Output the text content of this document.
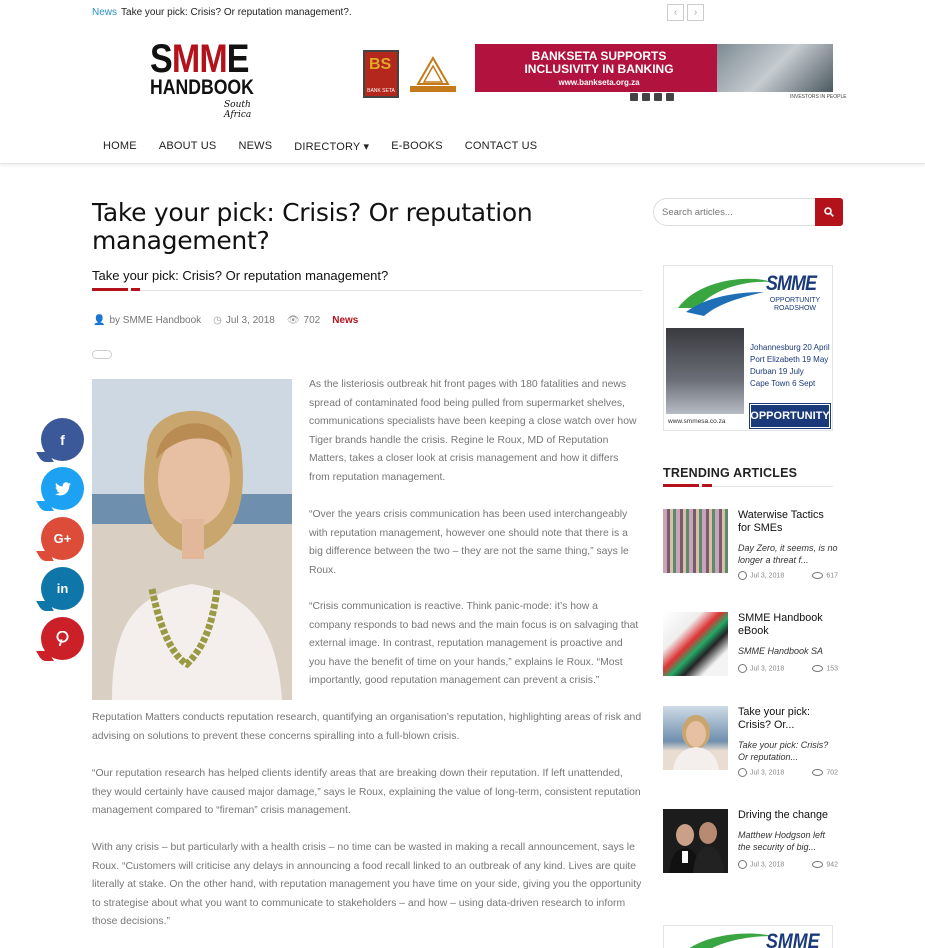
News Take your pick: Crisis? Or reputation management?.	‹	›
SMME
HANDBOOK
South Africa
BS
BANK SETA
BANKSETA SUPPORTS INCLUSIVITY IN BANKING
www.bankseta.org.za
INVESTORS IN PEOPLE
HOME ABOUT US NEWS DIRECTORY ▾ E-BOOKS CONTACT US
Take your pick: Crisis? Or reputation management?
Take your pick: Crisis? Or reputation management?
👤 by SMME Handbook ◷ Jul 3, 2018 👁 702 News

As the listeriosis outbreak hit front pages with 180 fatalities and news spread of contaminated food being pulled from supermarket shelves, communications specialists have been keeping a close watch over how Tiger brands handle the crisis. Regine le Roux, MD of Reputation Matters, takes a closer look at crisis management and how it differs from reputation management.

“Over the years crisis communication has been used interchangeably with reputation management, however one should note that there is a big difference between the two – they are not the same thing,” says le Roux.

“Crisis communication is reactive. Think panic-mode: it’s how a company responds to bad news and the main focus is on salvaging that external image. In contrast, reputation management is proactive and you have the benefit of time on your hands,” explains le Roux. “Most importantly, good reputation management can prevent a crisis.”

Reputation Matters conducts reputation research, quantifying an organisation’s reputation, highlighting areas of risk and advising on solutions to prevent these concerns spiralling into a full-blown crisis.

“Our reputation research has helped clients identify areas that are breaking down their reputation. If left unattended, they would certainly have caused major damage,” says le Roux, explaining the value of long-term, consistent reputation management compared to “fireman” crisis management.

With any crisis – but particularly with a health crisis – no time can be wasted in making a recall announcement, says le Roux. “Customers will criticise any delays in announcing a food recall linked to an outbreak of any kind. Lives are quite literally at stake. On the other hand, with reputation management you have time on your side, giving you the opportunity to strategise about what you want to communicate to stakeholders – and how – using data-driven research to inform those decisions.”

f
G+
in
Search articles...
SMME
OPPORTUNITY ROADSHOW
Johannesburg 20 April
Port Elizabeth 19 May
Durban 19 July
Cape Town 6 Sept
OPPORTUNITY
www.smmesa.co.za
TRENDING ARTICLES
Waterwise Tactics for SMEs
Day Zero, it seems, is no longer a threat f...
Jul 3, 2018	617
SMME Handbook eBook
SMME Handbook SA
Jul 3, 2018	153
Take your pick: Crisis? Or...
Take your pick: Crisis? Or reputation...
Jul 3, 2018	702
Driving the change
Matthew Hodgson left the security of big...
Jul 3, 2018	942
SMME
